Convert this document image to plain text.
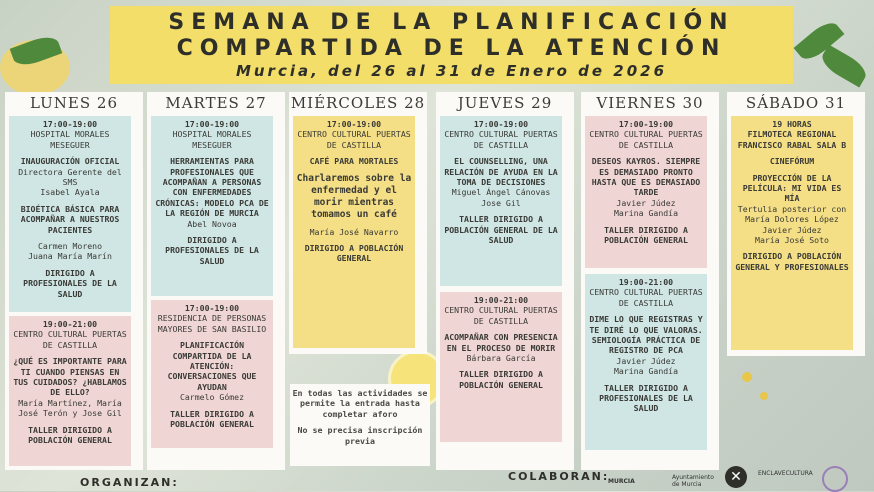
SEMANA DE LA PLANIFICACIÓN
COMPARTIDA DE LA ATENCIÓN
Murcia, del 26 al 31 de Enero de 2026
LUNES 26
17:00-19:00
HOSPITAL MORALES MESEGUER
INAUGURACIÓN OFICIAL
Directora Gerente del SMS
Isabel Ayala
BIOÉTICA BÁSICA PARA ACOMPAÑAR A NUESTROS PACIENTES
Carmen Moreno
Juana María Marín
DIRIGIDO A PROFESIONALES DE LA SALUD
19:00-21:00
CENTRO CULTURAL PUERTAS DE CASTILLA
¿QUÉ ES IMPORTANTE PARA TI CUANDO PIENSAS EN TUS CUIDADOS? ¿HABLAMOS DE ELLO?
María Martínez, María José Terón y Jose Gil
TALLER DIRIGIDO A POBLACIÓN GENERAL
MARTES 27
17:00-19:00
HOSPITAL MORALES MESEGUER
HERRAMIENTAS PARA PROFESIONALES QUE ACOMPAÑAN A PERSONAS CON ENFERMEDADES CRÓNICAS: MODELO PCA DE LA REGIÓN DE MURCIA
Abel Novoa
DIRIGIDO A PROFESIONALES DE LA SALUD
17:00-19:00
RESIDENCIA DE PERSONAS MAYORES DE SAN BASILIO
PLANIFICACIÓN COMPARTIDA DE LA ATENCIÓN: CONVERSACIONES QUE AYUDAN
Carmelo Gómez
TALLER DIRIGIDO A POBLACIÓN GENERAL
MIÉRCOLES 28
17:00-19:00
CENTRO CULTURAL PUERTAS DE CASTILLA
CAFÉ PARA MORTALES
Charlaremos sobre la enfermedad y el morir mientras tomamos un café
María José Navarro
DIRIGIDO A POBLACIÓN GENERAL
En todas las actividades se permite la entrada hasta completar aforo
No se precisa inscripción previa
JUEVES 29
17:00-19:00
CENTRO CULTURAL PUERTAS DE CASTILLA
EL COUNSELLING, UNA RELACIÓN DE AYUDA EN LA TOMA DE DECISIONES
Miguel Ángel Cánovas
Jose Gil
TALLER DIRIGIDO A POBLACIÓN GENERAL DE LA SALUD
19:00-21:00
CENTRO CULTURAL PUERTAS DE CASTILLA
ACOMPAÑAR CON PRESENCIA EN EL PROCESO DE MORIR
Bárbara García
TALLER DIRIGIDO A POBLACIÓN GENERAL
VIERNES 30
17:00-19:00
CENTRO CULTURAL PUERTAS DE CASTILLA
DESEOS KAYROS. SIEMPRE ES DEMASIADO PRONTO HASTA QUE ES DEMASIADO TARDE
Javier Júdez
Marina Gandía
TALLER DIRIGIDO A POBLACIÓN GENERAL
19:00-21:00
CENTRO CULTURAL PUERTAS DE CASTILLA
DIME LO QUE REGISTRAS Y TE DIRÉ LO QUE VALORAS. SEMIOLOGÍA PRÁCTICA DE REGISTRO DE PCA
Javier Júdez
Marina Gandía
TALLER DIRIGIDO A PROFESIONALES DE LA SALUD
SÁBADO 31
19 HORAS
FILMOTECA REGIONAL FRANCISCO RABAL SALA B
CINEFÓRUM
PROYECCIÓN DE LA PELÍCULA: MI VIDA ES MÍA
Tertulia posterior con María Dolores López
Javier Júdez
María José Soto
DIRIGIDO A POBLACIÓN GENERAL Y PROFESIONALES
ORGANIZAN:	COLABORAN:
MURCIA
Ayuntamiento de Murcia	✕	ENCLAVECULTURA
